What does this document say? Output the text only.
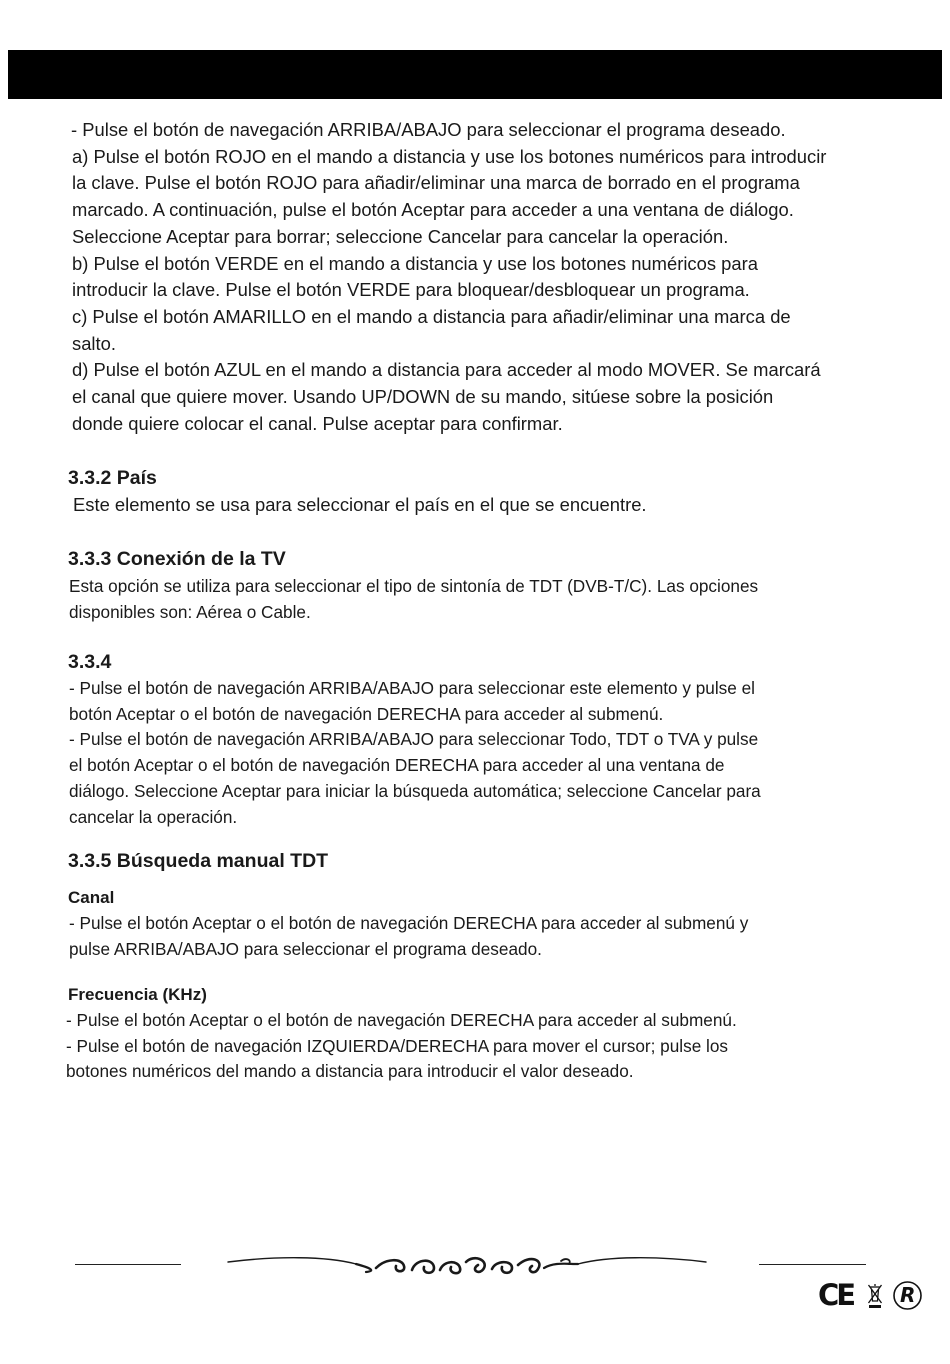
- Pulse el botón de navegación ARRIBA/ABAJO para seleccionar el programa deseado.
a) Pulse el botón ROJO en el mando a distancia y use los botones numéricos para introducir
la clave. Pulse el botón ROJO para añadir/eliminar una marca de borrado en el programa
marcado. A continuación, pulse el botón Aceptar para acceder a una ventana de diálogo.
Seleccione Aceptar para borrar; seleccione Cancelar para cancelar la operación.
b) Pulse el botón VERDE en el mando a distancia y use los botones numéricos para
introducir la clave. Pulse el botón VERDE para bloquear/desbloquear un programa.
c) Pulse el botón AMARILLO en el mando a distancia para añadir/eliminar una marca de
salto.
d) Pulse el botón AZUL en el mando a distancia para acceder al modo MOVER. Se marcará
el canal que quiere mover. Usando UP/DOWN de su mando, sitúese sobre la posición
donde quiere colocar el canal. Pulse aceptar para confirmar.
3.3.2 País
Este elemento se usa para seleccionar el país en el que se encuentre.
3.3.3 Conexión de la TV
Esta opción se utiliza para seleccionar el tipo de sintonía de TDT (DVB-T/C). Las opciones
disponibles son: Aérea o Cable.
3.3.4
- Pulse el botón de navegación ARRIBA/ABAJO para seleccionar este elemento y pulse el
botón Aceptar o el botón de navegación DERECHA para acceder al submenú.
- Pulse el botón de navegación ARRIBA/ABAJO para seleccionar Todo, TDT o TVA y pulse
el botón Aceptar o el botón de navegación DERECHA para acceder al una ventana de
diálogo. Seleccione Aceptar para iniciar la búsqueda automática; seleccione Cancelar para
cancelar la operación.
3.3.5 Búsqueda manual TDT
Canal
- Pulse el botón Aceptar o el botón de navegación DERECHA para acceder al submenú y
pulse ARRIBA/ABAJO para seleccionar el programa deseado.
Frecuencia (KHz)
- Pulse el botón Aceptar o el botón de navegación DERECHA para acceder al submenú.
- Pulse el botón de navegación IZQUIERDA/DERECHA para mover el cursor; pulse los
botones numéricos del mando a distancia para introducir el valor deseado.
CE R
